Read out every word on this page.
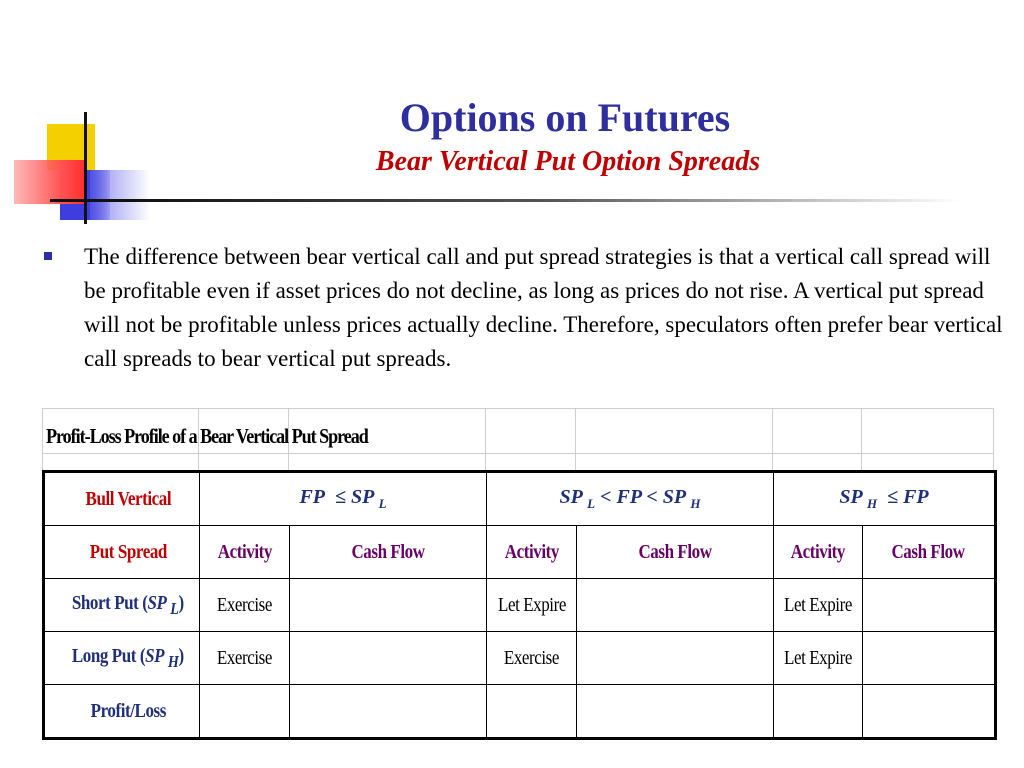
Options on Futures
Bear Vertical Put Option Spreads
The difference between bear vertical call and put spread strategies is that a vertical call spread will be profitable even if asset prices do not decline, as long as prices do not rise. A vertical put spread will not be profitable unless prices actually decline. Therefore, speculators often prefer bear vertical call spreads to bear vertical put spreads.
Profit-Loss Profile of a Bear Vertical Put Spread
Bull Vertical	FP ≤ SP $_L$		SP $_L$ < FP < SP $_H$		SP $_H$ ≤ FP	
Put Spread	Activity	Cash Flow	Activity	Cash Flow	Activity	Cash Flow
Short Put (SP $_L$)	Exercise		Let Expire		Let Expire	
Long Put (SP $_H$)	Exercise		Exercise		Let Expire	
Profit/Loss						
